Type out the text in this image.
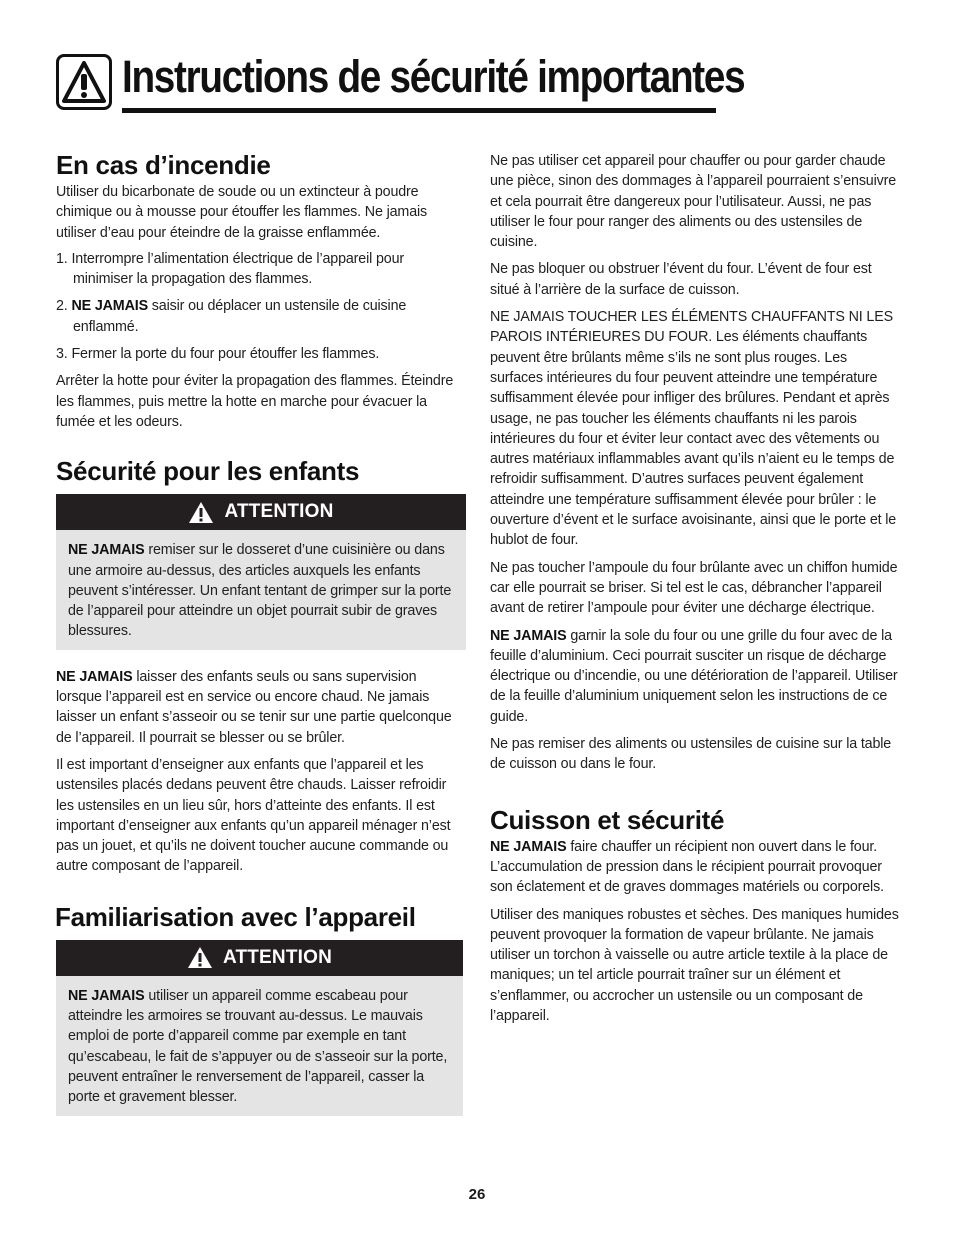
Instructions de sécurité importantes
En cas d’incendie

Utiliser du bicarbonate de soude ou un extincteur à poudre chimique ou à mousse pour étouffer les flammes. Ne jamais utiliser d’eau pour éteindre de la graisse enflammée.

1. Interrompre l’alimentation électrique de l’appareil pour minimiser la propagation des flammes.
2. NE JAMAIS saisir ou déplacer un ustensile de cuisine enflammé.
3. Fermer la porte du four pour étouffer les flammes.

Arrêter la hotte pour éviter la propagation des flammes. Éteindre les flammes, puis mettre la hotte en marche pour évacuer la fumée et les odeurs.

Sécurité pour les enfants
ATTENTION

NE JAMAIS remiser sur le dosseret d’une cuisinière ou dans une armoire au-dessus, des articles auxquels les enfants peuvent s’intéresser. Un enfant tentant de grimper sur la porte de l’appareil pour atteindre un objet pourrait subir de graves blessures.

NE JAMAIS laisser des enfants seuls ou sans supervision lorsque l’appareil est en service ou encore chaud. Ne jamais laisser un enfant s’asseoir ou se tenir sur une partie quelconque de l’appareil. Il pourrait se blesser ou se brûler.

Il est important d’enseigner aux enfants que l’appareil et les ustensiles placés dedans peuvent être chauds. Laisser refroidir les ustensiles en un lieu sûr, hors d’atteinte des enfants. Il est important d’enseigner aux enfants qu’un appareil ménager n’est pas un jouet, et qu’ils ne doivent toucher aucune commande ou autre composant de l’appareil.

Familiarisation avec l’appareil
ATTENTION

NE JAMAIS utiliser un appareil comme escabeau pour atteindre les armoires se trouvant au-dessus. Le mauvais emploi de porte d’appareil comme par exemple en tant qu’escabeau, le fait de s’appuyer ou de s’asseoir sur la porte, peuvent entraîner le renversement de l’appareil, casser la porte et gravement blesser.

Ne pas utiliser cet appareil pour chauffer ou pour garder chaude une pièce, sinon des dommages à l’appareil pourraient s’ensuivre et cela pourrait être dangereux pour l’utilisateur. Aussi, ne pas utiliser le four pour ranger des aliments ou des ustensiles de cuisine.

Ne pas bloquer ou obstruer l’évent du four. L’évent de four est situé à l’arrière de la surface de cuisson.

NE JAMAIS TOUCHER LES ÉLÉMENTS CHAUFFANTS NI LES PAROIS INTÉRIEURES DU FOUR. Les éléments chauffants peuvent être brûlants même s’ils ne sont plus rouges. Les surfaces intérieures du four peuvent atteindre une température suffisamment élevée pour infliger des brûlures. Pendant et après usage, ne pas toucher les éléments chauffants ni les parois intérieures du four et éviter leur contact avec des vêtements ou autres matériaux inflammables avant qu’ils n’aient eu le temps de refroidir suffisamment. D’autres surfaces peuvent également atteindre une température suffisamment élevée pour brûler : le ouverture d’évent et le surface avoisinante, ainsi que le porte et le hublot de four.

Ne pas toucher l’ampoule du four brûlante avec un chiffon humide car elle pourrait se briser. Si tel est le cas, débrancher l’appareil avant de retirer l’ampoule pour éviter une décharge électrique.

NE JAMAIS garnir la sole du four ou une grille du four avec de la feuille d’aluminium. Ceci pourrait susciter un risque de décharge électrique ou d’incendie, ou une détérioration de l’appareil. Utiliser de la feuille d’aluminium uniquement selon les instructions de ce guide.

Ne pas remiser des aliments ou ustensiles de cuisine sur la table de cuisson ou dans le four.

Cuisson et sécurité

NE JAMAIS faire chauffer un récipient non ouvert dans le four. L’accumulation de pression dans le récipient pourrait provoquer son éclatement et de graves dommages matériels ou corporels.

Utiliser des maniques robustes et sèches. Des maniques humides peuvent provoquer la formation de vapeur brûlante. Ne jamais utiliser un torchon à vaisselle ou autre article textile à la place de maniques; un tel article pourrait traîner sur un élément et s’enflammer, ou accrocher un ustensile ou un composant de l’appareil.

26
